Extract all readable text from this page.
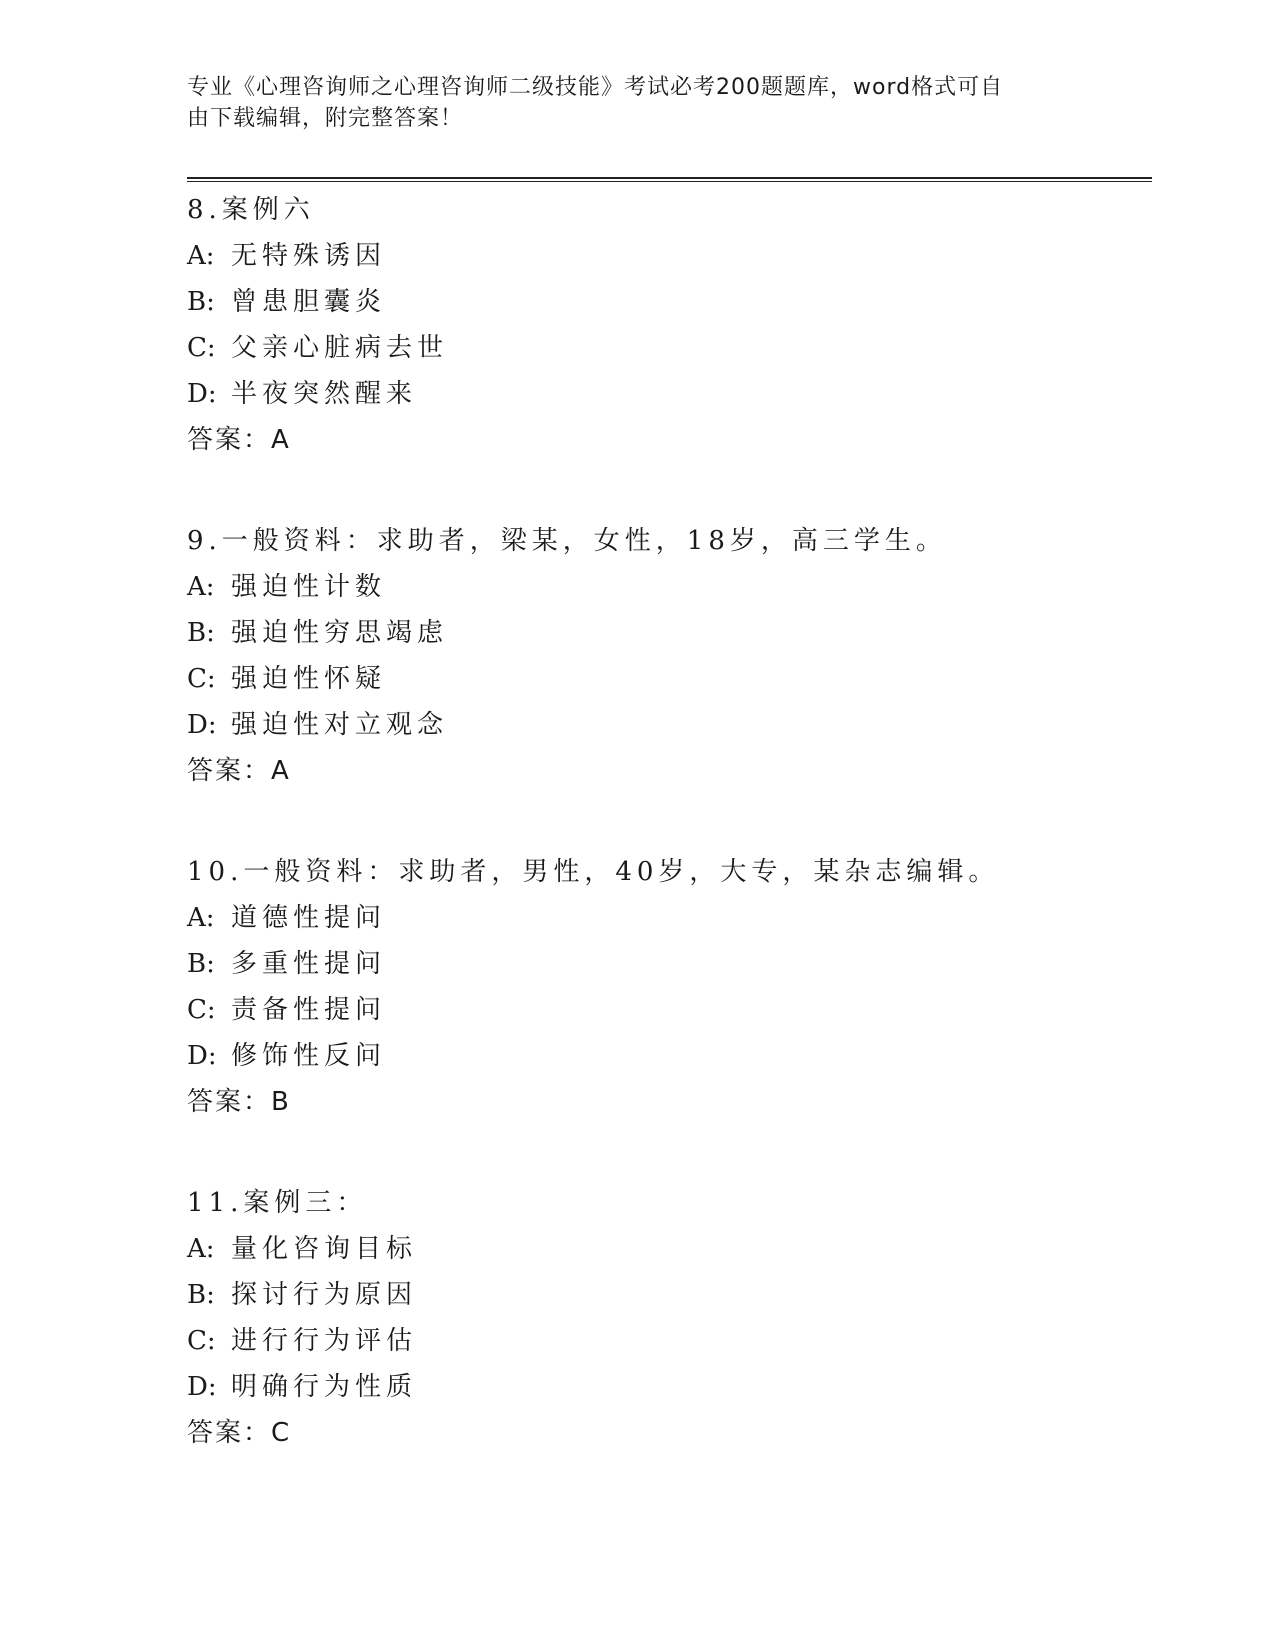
专业《心理咨询师之心理咨询师二级技能》考试必考200题题库，word格式可自
由下载编辑，附完整答案！
8.案例六
A: 无特殊诱因
B: 曾患胆囊炎
C: 父亲心脏病去世
D: 半夜突然醒来
答案：A
9.一般资料：求助者，梁某，女性，18岁，高三学生。
A: 强迫性计数
B: 强迫性穷思竭虑
C: 强迫性怀疑
D: 强迫性对立观念
答案：A
10.一般资料：求助者，男性，40岁，大专，某杂志编辑。
A: 道德性提问
B: 多重性提问
C: 责备性提问
D: 修饰性反问
答案：B
11.案例三：
A: 量化咨询目标
B: 探讨行为原因
C: 进行行为评估
D: 明确行为性质
答案：C
